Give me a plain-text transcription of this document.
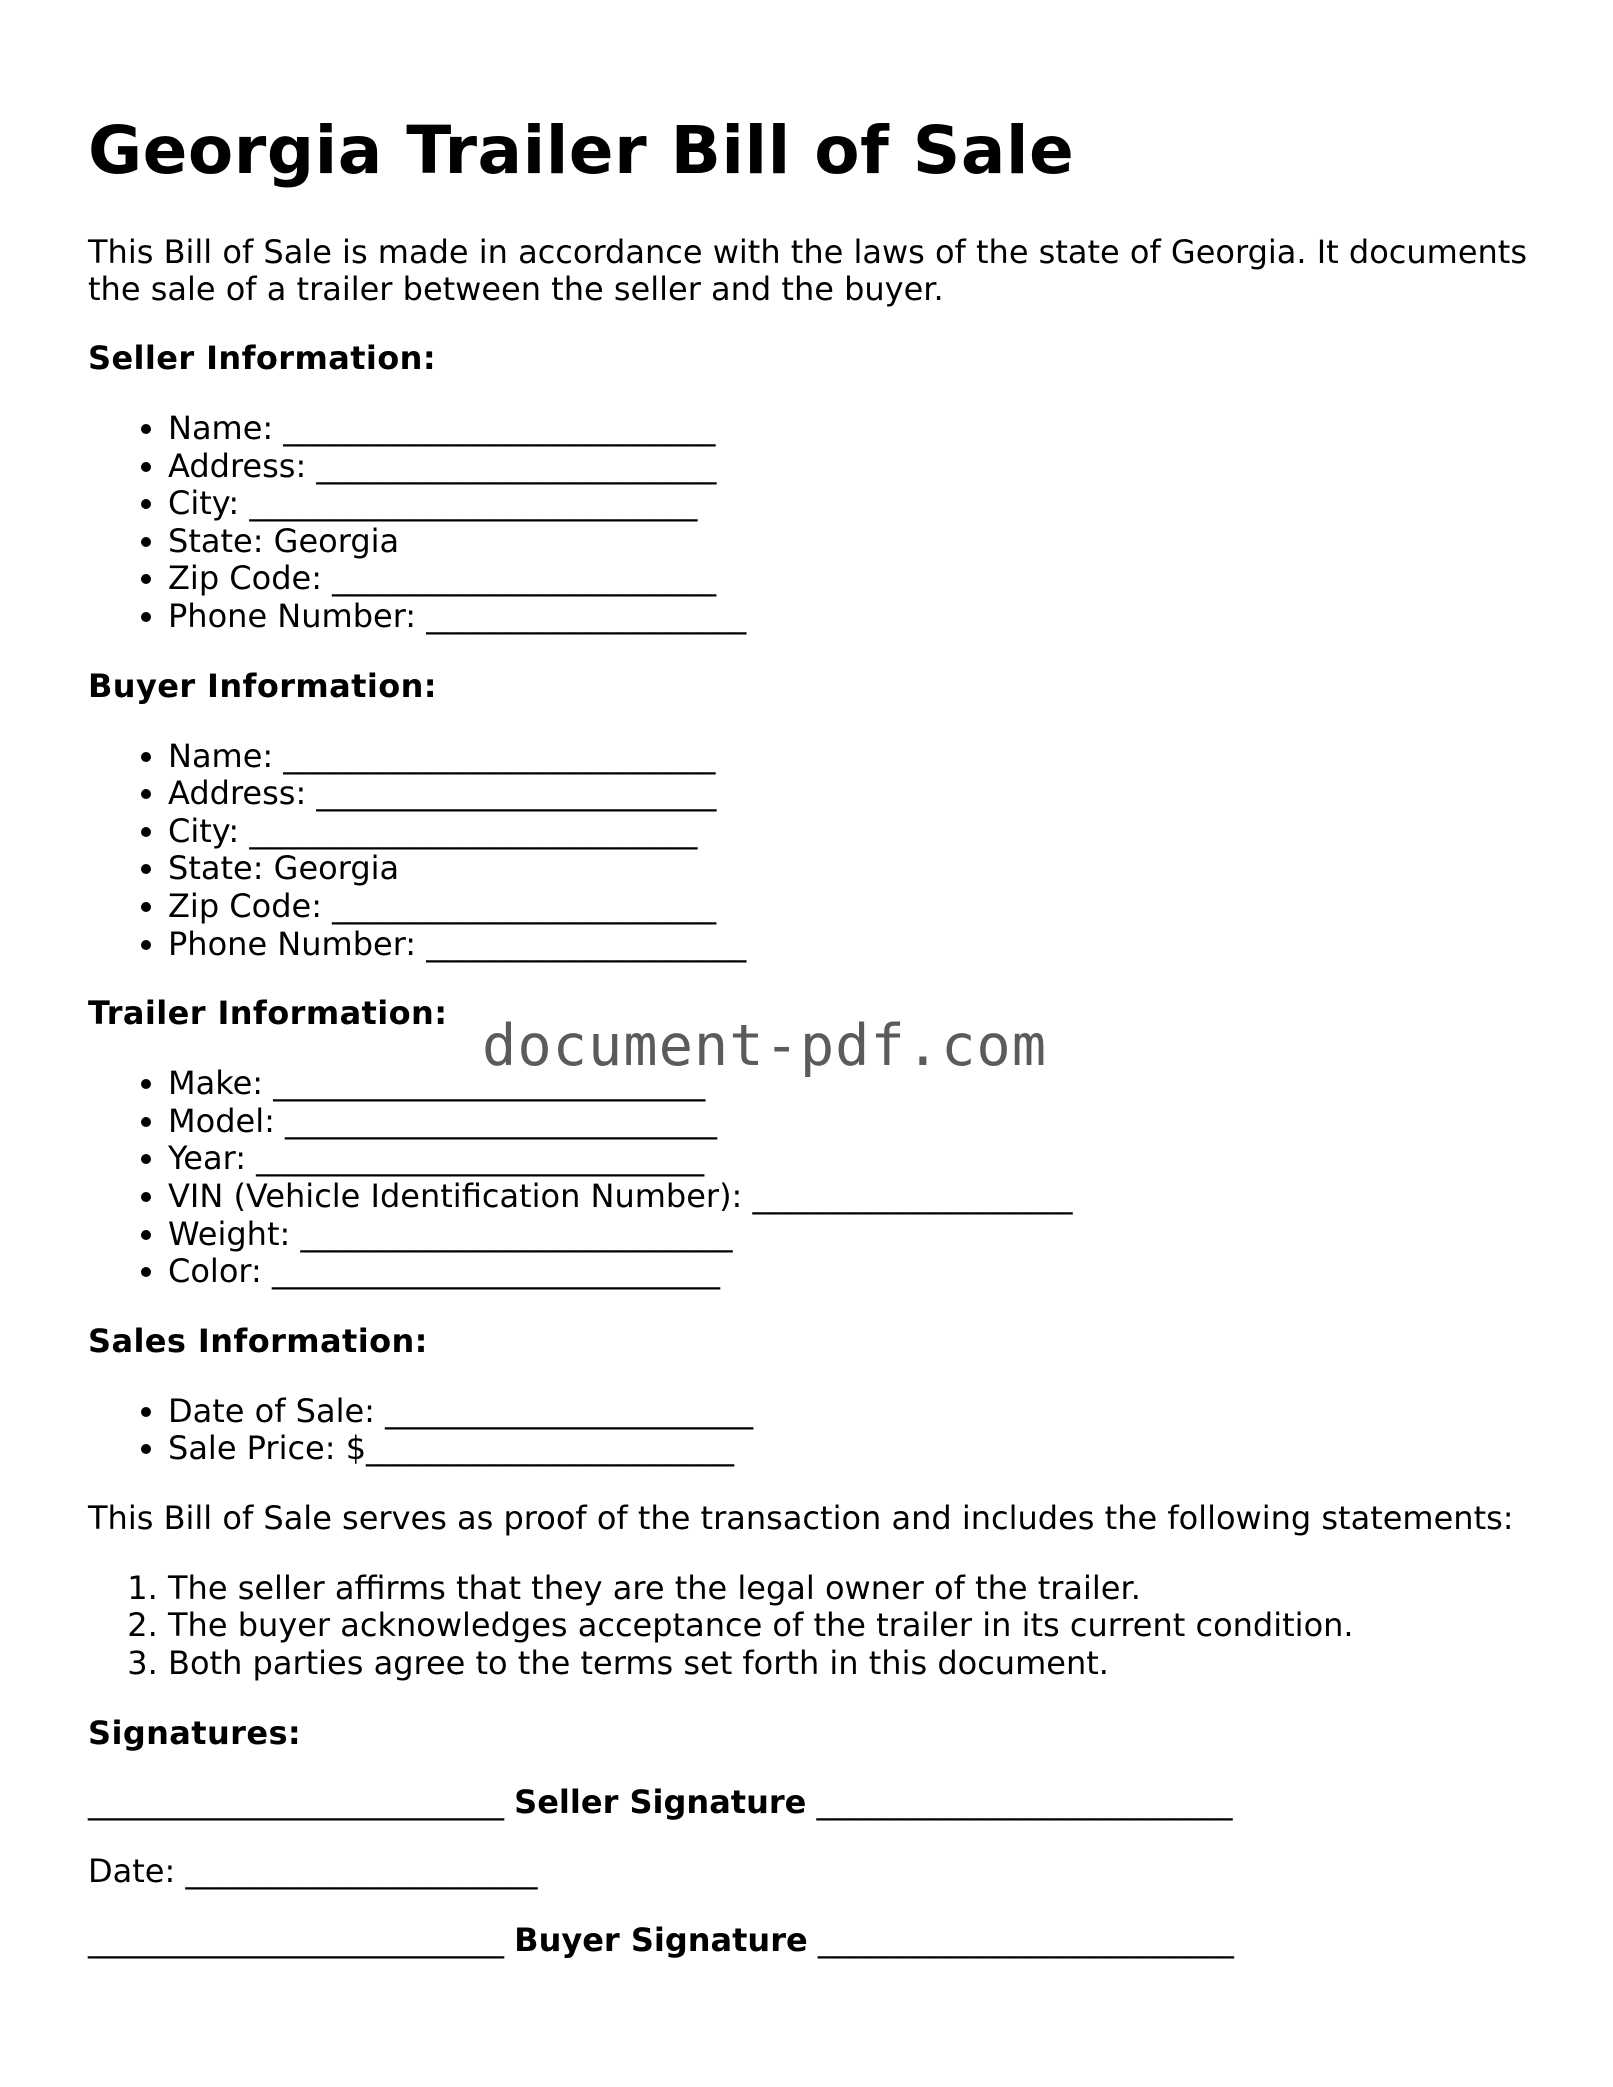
Georgia Trailer Bill of Sale

This Bill of Sale is made in accordance with the laws of the state of Georgia. It documents the sale of a trailer between the seller and the buyer.

Seller Information:
• Name: ___________________________
• Address: _________________________
• City: ____________________________
• State: Georgia
• Zip Code: ________________________
• Phone Number: ____________________
Buyer Information:
• Name: ___________________________
• Address: _________________________
• City: ____________________________
• State: Georgia
• Zip Code: ________________________
• Phone Number: ____________________
Trailer Information:
• Make: ___________________________
• Model: ___________________________
• Year: ____________________________
• VIN (Vehicle Identification Number): ____________________
• Weight: ___________________________
• Color: ____________________________
Sales Information:
• Date of Sale: _______________________
• Sale Price: $_______________________

This Bill of Sale serves as proof of the transaction and includes the following statements:

1. The seller affirms that they are the legal owner of the trailer.
2. The buyer acknowledges acceptance of the trailer in its current condition.
3. Both parties agree to the terms set forth in this document.
Signatures:
__________________________ Seller Signature __________________________
Date: ______________________
__________________________ Buyer Signature __________________________
document-pdf.com
